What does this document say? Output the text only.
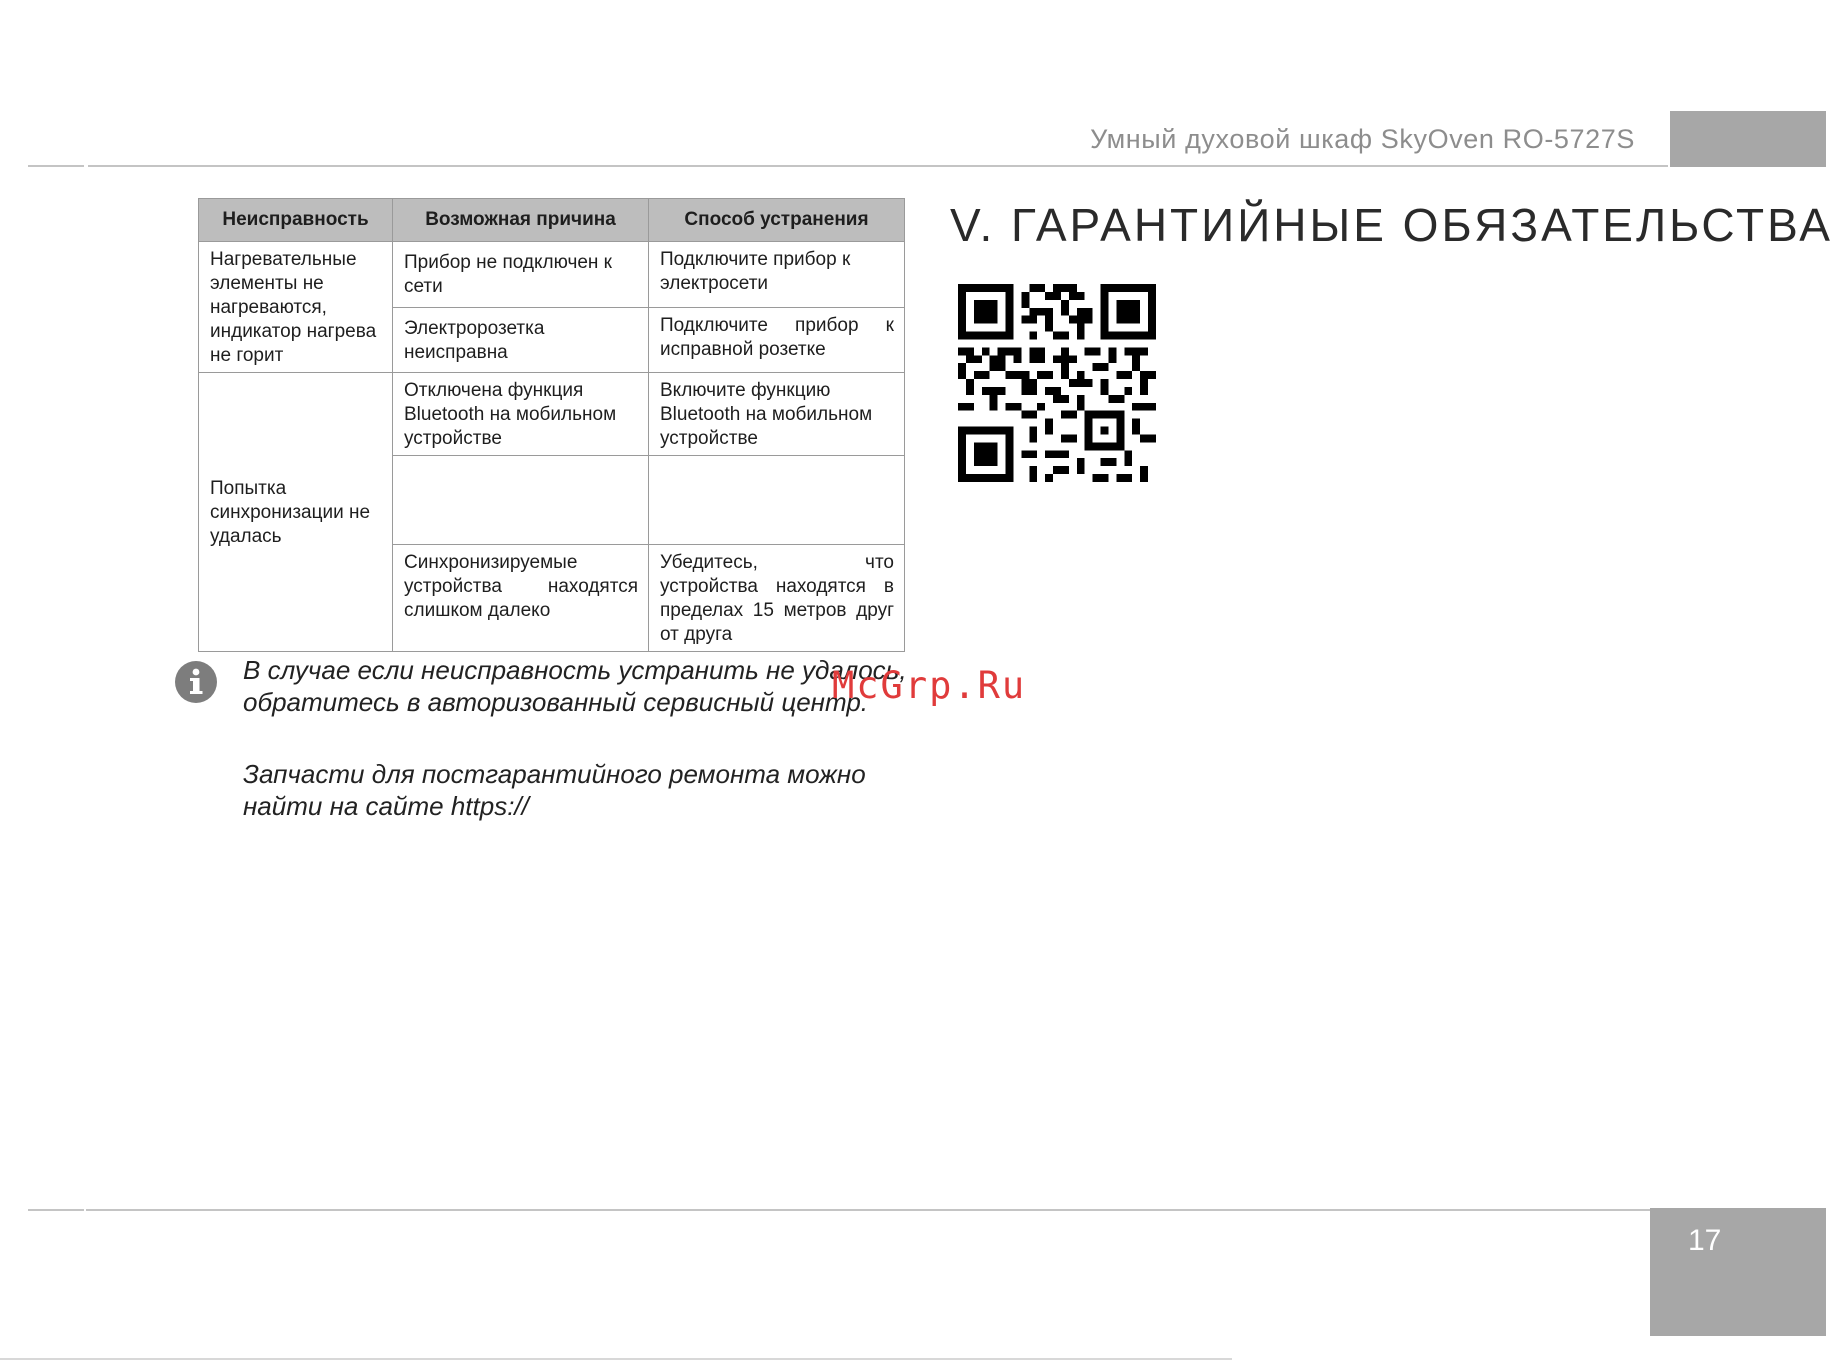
Умный духовой шкаф SkyOven RO-5727S
Неисправность	Возможная причина	Способ устранения
Нагревательные элементы не нагреваются, индикатор нагрева не горит	Прибор не подключен к сети	Подключите прибор к электросети
	Электророзетка неисправна	Подключите прибор к исправной розетке
Попытка синхронизации не удалась	Отключена функция Bluetooth на мобильном устройстве	Включите функцию Bluetooth на мобильном устройстве

	Синхронизируемые устройства находятся слишком далеко	Убедитесь, что устройства находятся в пределах 15 метров друг от друга
V. ГАРАНТИЙНЫЕ ОБЯЗАТЕЛЬСТВА
В случае если неисправность устранить не удалось, обратитесь в авторизованный сервисный центр.
Запчасти для постгарантийного ремонта можно найти на сайте https://
McGrp.Ru
17
